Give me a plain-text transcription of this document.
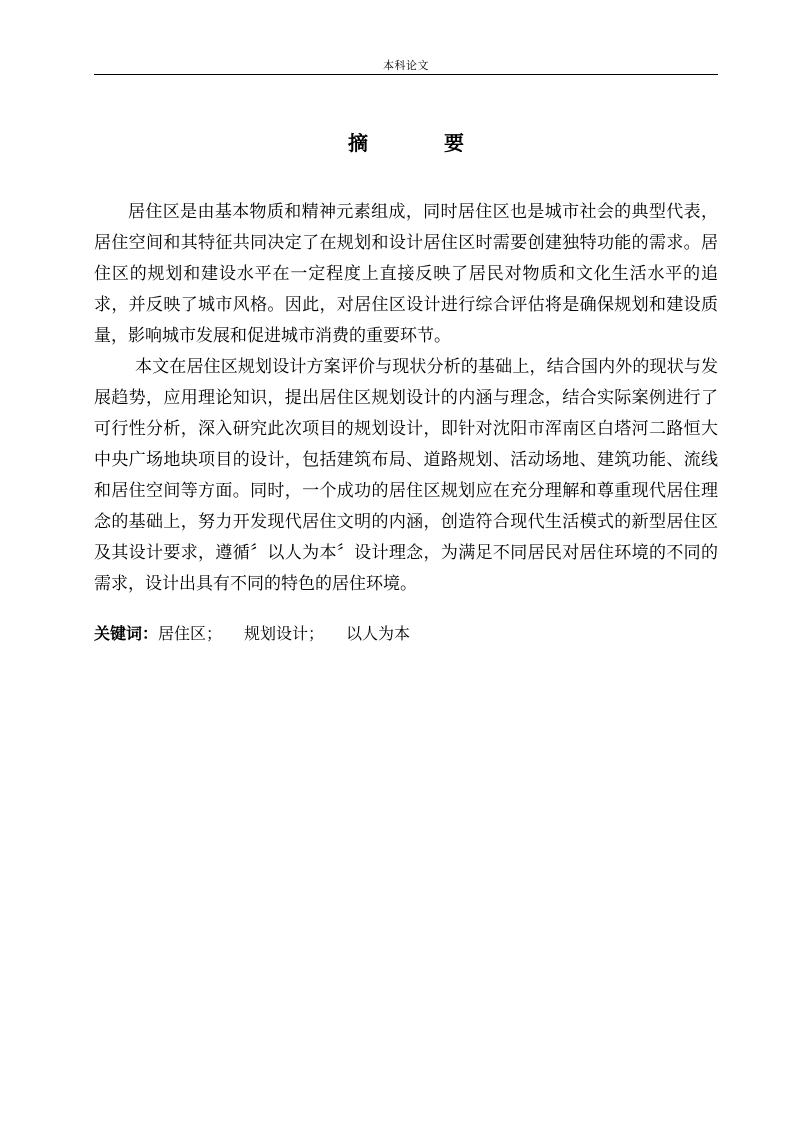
本科论文
摘　要

居住区是由基本物质和精神元素组成，同时居住区也是城市社会的典型代表，居住空间和其特征共同决定了在规划和设计居住区时需要创建独特功能的需求。居住区的规划和建设水平在一定程度上直接反映了居民对物质和文化生活水平的追求，并反映了城市风格。因此，对居住区设计进行综合评估将是确保规划和建设质量，影响城市发展和促进城市消费的重要环节。

本文在居住区规划设计方案评价与现状分析的基础上，结合国内外的现状与发展趋势，应用理论知识，提出居住区规划设计的内涵与理念，结合实际案例进行了可行性分析，深入研究此次项目的规划设计，即针对沈阳市浑南区白塔河二路恒大中央广场地块项目的设计，包括建筑布局、道路规划、活动场地、建筑功能、流线和居住空间等方面。同时，一个成功的居住区规划应在充分理解和尊重现代居住理念的基础上，努力开发现代居住文明的内涵，创造符合现代生活模式的新型居住区及其设计要求，遵循〞以人为本〞设计理念，为满足不同居民对居住环境的不同的需求，设计出具有不同的特色的居住环境。

关键词：居住区； 规划设计； 以人为本
